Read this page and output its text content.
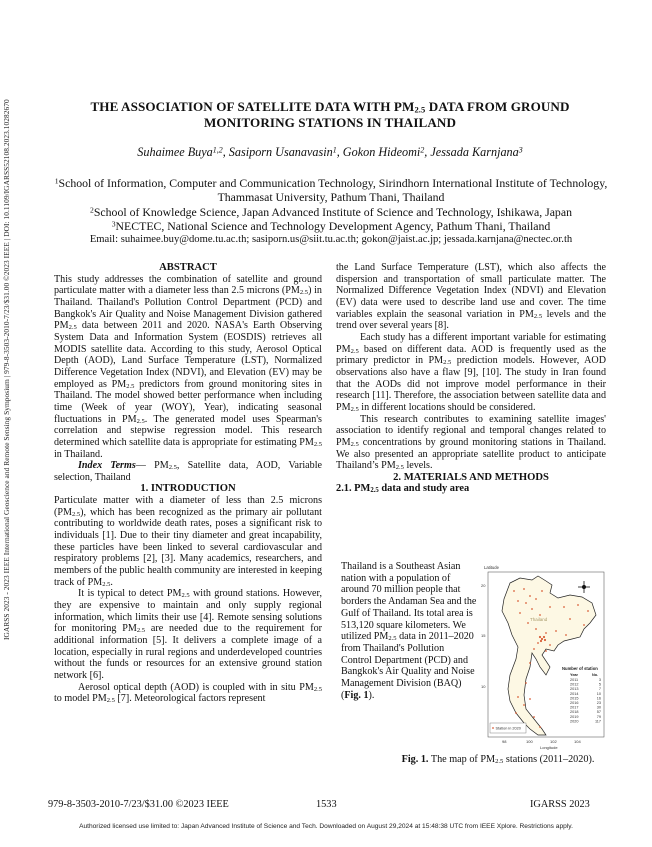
IGARSS 2023 - 2023 IEEE International Geoscience and Remote Sensing Symposium | 979-8-3503-2010-7/23/$31.00 ©2023 IEEE | DOI: 10.1109/IGARSS52108.2023.10282670	THE ASSOCIATION OF SATELLITE DATA WITH $PM_{2.5}$ DATA FROM GROUND
MONITORING STATIONS IN THAILAND
Suhaimee Buya$^{1,2}$, Sasiporn Usanavasin$^1$, Gokon Hideomi$^2$, Jessada Karnjana$^3$
$^1$School of Information, Computer and Communication Technology, Sirindhorn International Institute of Technology, Thammasat University, Pathum Thani, Thailand
$^2$School of Knowledge Science, Japan Advanced Institute of Science and Technology, Ishikawa, Japan
$^3$NECTEC, National Science and Technology Development Agency, Pathum Thani, Thailand
Email: suhaimee.buy@dome.tu.ac.th; sasiporn.us@siit.tu.ac.th; gokon@jaist.ac.jp; jessada.karnjana@nectec.or.th

ABSTRACT

This study addresses the combination of satellite and ground particulate matter with a diameter less than 2.5 microns $(PM_{2.5})$ in Thailand. Thailand's Pollution Control Department (PCD) and Bangkok's Air Quality and Noise Management Division gathered $PM_{2.5}$ data between 2011 and 2020. NASA's Earth Observing System Data and Information System (EOSDIS) retrieves all MODIS satellite data. According to this study, Aerosol Optical Depth (AOD), Land Surface Temperature (LST), Normalized Difference Vegetation Index (NDVI), and Elevation (EV) may be employed as $PM_{2.5}$ predictors from ground monitoring sites in Thailand. The model showed better performance when including time (Week of year (WOY), Year), indicating seasonal fluctuations in $PM_{2.5}$. The generated model uses Spearman's correlation and stepwise regression model. This research determined which satellite data is appropriate for estimating $PM_{2.5}$ in Thailand.

Index Terms— $PM_{2.5}$, Satellite data, AOD, Variable selection, Thailand

1. INTRODUCTION

Particulate matter with a diameter of less than 2.5 microns $(PM_{2.5})$, which has been recognized as the primary air pollutant contributing to worldwide death rates, poses a significant risk to individuals [1]. Due to their tiny diameter and great incapability, these particles have been linked to several cardiovascular and respiratory problems [2], [3]. Many academics, researchers, and members of the public health community are interested in keeping track of $PM_{2.5}$.

It is typical to detect $PM_{2.5}$ with ground stations. However, they are expensive to maintain and only supply regional information, which limits their use [4]. Remote sensing solutions for monitoring $PM_{2.5}$ are needed due to the requirement for additional information [5]. It delivers a complete image of a location, especially in rural regions and underdeveloped countries without the funds or resources for an extensive ground station network [6].

Aerosol optical depth (AOD) is coupled with in situ $PM_{2.5}$ to model $PM_{2.5}$ [7]. Meteorological factors represent

the Land Surface Temperature (LST), which also affects the dispersion and transportation of small particulate matter. The Normalized Difference Vegetation Index (NDVI) and Elevation (EV) data were used to describe land use and cover. The time variables explain the seasonal variation in $PM_{2.5}$ levels and the trend over several years [8].

Each study has a different important variable for estimating $PM_{2.5}$ based on different data. AOD is frequently used as the primary predictor in $PM_{2.5}$ prediction models. However, AOD observations also have a flaw [9], [10]. The study in Iran found that the AODs did not improve model performance in their research [11]. Therefore, the association between satellite data and $PM_{2.5}$ in different locations should be considered.

This research contributes to examining satellite images' association to identify regional and temporal changes related to $PM_{2.5}$ concentrations by ground monitoring stations in Thailand. We also presented an appropriate satellite product to anticipate Thailand’s $PM_{2.5}$ levels.

2. MATERIALS AND METHODS

2.1. $PM_{2.5}$ data and study area

Thailand is a Southeast Asian nation with a population of around 70 million people that borders the Andaman Sea and the Gulf of Thailand. Its total area is 513,120 square kilometers. We utilized $PM_{2.5}$ data in 2011–2020 from Thailand's Pollution Control Department (PCD) and Bangkok's Air Quality and Noise Management Division (BAQ) (Fig. 1).
Latitude
20
15
10
Thailand
Number of station
Year	No.
2011	3
2012	5
2013	7
2014	10
2015	16
2016	23
2017	30
2018	57
2019	79
2020	117
Station in 2020
98	100	102	104
Longitude
Fig. 1. The map of $PM_{2.5}$ stations (2011–2020).
979-8-3503-2010-7/23/$31.00 ©2023 IEEE	1533	IGARSS 2023
Authorized licensed use limited to: Japan Advanced Institute of Science and Tech. Downloaded on August 29,2024 at 15:48:38 UTC from IEEE Xplore. Restrictions apply.
